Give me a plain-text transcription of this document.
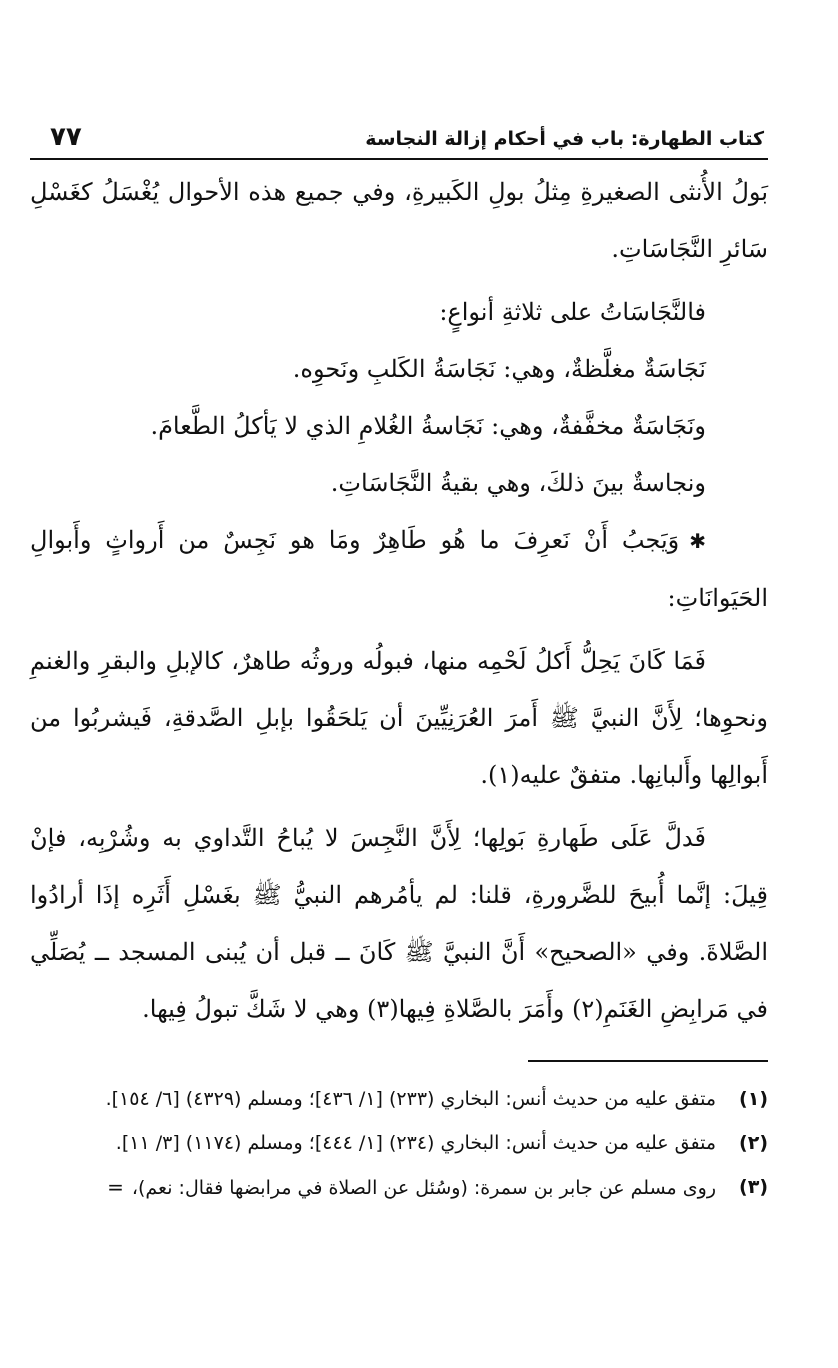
كتاب الطهارة: باب في أحكام إزالة النجاسة
٧٧

بَولُ الأُنثى الصغيرةِ مِثلُ بولِ الكَبيرةِ، وفي جميع هذه الأحوال يُغْسَلُ كغَسْلِ سَائرِ النَّجَاسَاتِ.

فالنَّجَاسَاتُ على ثلاثةِ أنواعٍ:

نَجَاسَةٌ مغلَّظةٌ، وهي: نَجَاسَةُ الكَلبِ ونَحوِه.

ونَجَاسَةٌ مخفَّفةٌ، وهي: نَجَاسةُ الغُلامِ الذي لا يَأكلُ الطَّعامَ.

ونجاسةٌ بينَ ذلكَ، وهي بقيةُ النَّجَاسَاتِ.

✱وَيَجبُ أَنْ نَعرِفَ ما هُو طَاهِرٌ ومَا هو نَجِسٌ من أَرواثٍ وأَبوالِ الحَيَوانَاتِ:

فَمَا كَانَ يَحِلُّ أَكلُ لَحْمِه منها، فبولُه وروثُه طاهرٌ، كالإبلِ والبقرِ والغنمِ ونحوِها؛ لِأَنَّ النبيَّ ﷺ أَمرَ العُرَنِيِّينَ أن يَلحَقُوا بإبلِ الصَّدقةِ، فَيشربُوا من أَبوالِها وأَلبانِها. متفقٌ عليه(١).

فَدلَّ عَلَى طَهارةِ بَولِها؛ لِأَنَّ النَّجِسَ لا يُباحُ التَّداوي به وشُرْبِه، فإنْ قِيلَ: إنَّما أُبيحَ للضَّرورةِ، قلنا: لم يأمُرهم النبيُّ ﷺ بغَسْلِ أَثَرِه إذَا أرادُوا الصَّلاةَ. وفي «الصحيح» أَنَّ النبيَّ ﷺ كَانَ ــ قبل أن يُبنى المسجد ــ يُصَلِّي في مَرابِضِ الغَنَمِ(٢) وأَمَرَ بالصَّلاةِ فِيها(٣) وهي لا شَكَّ تبولُ فِيها.

(١)
متفق عليه من حديث أنس: البخاري (٢٣٣) [١/ ٤٣٦]؛ ومسلم (٤٣٢٩) [٦/ ١٥٤].
(٢)
متفق عليه من حديث أنس: البخاري (٢٣٤) [١/ ٤٤٤]؛ ومسلم (١١٧٤) [٣/ ١١].
(٣)
روى مسلم عن جابر بن سمرة: (وسُئل عن الصلاة في مرابضها فقال: نعم)،=
